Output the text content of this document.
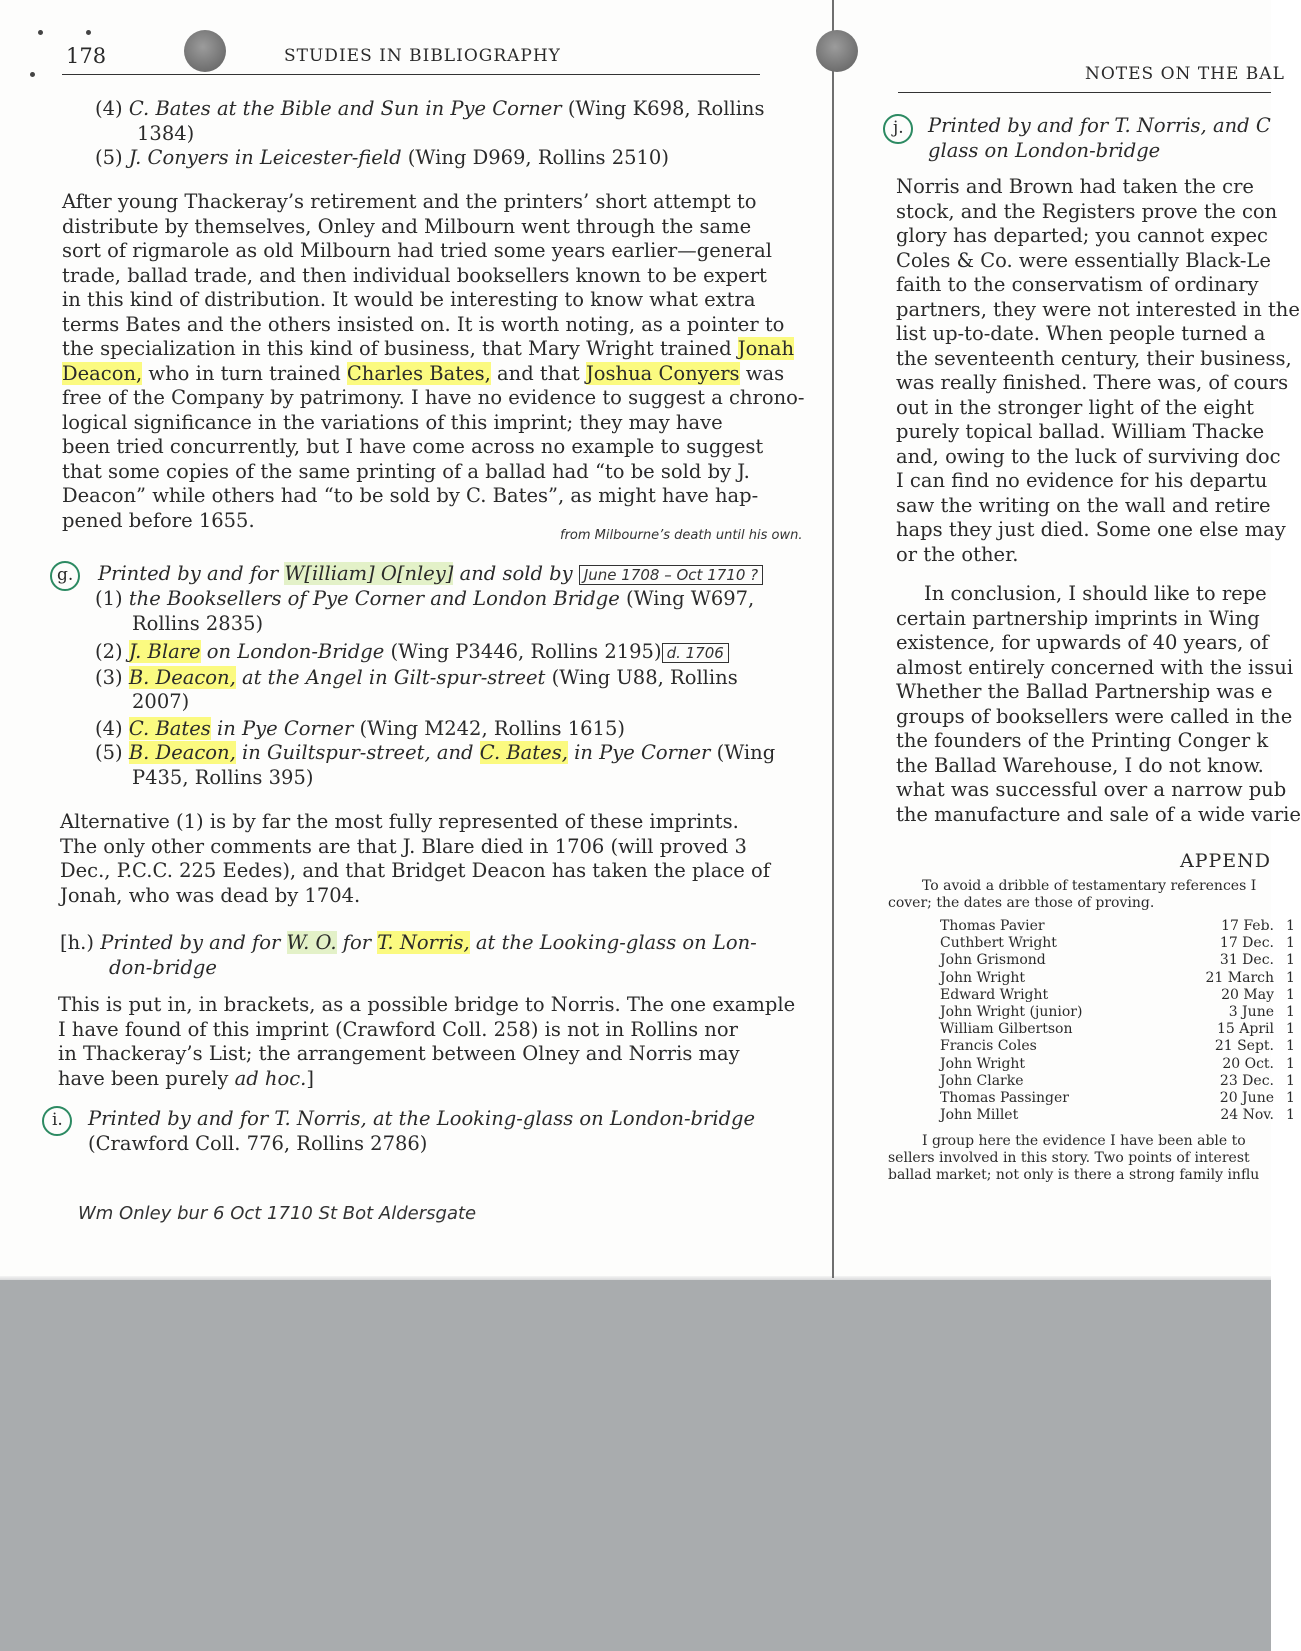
178	STUDIES IN BIBLIOGRAPHY
(4) C. Bates at the Bible and Sun in Pye Corner (Wing K698, Rollins
1384)
(5) J. Conyers in Leicester-field (Wing D969, Rollins 2510)
After young Thackeray’s retirement and the printers’ short attempt to
distribute by themselves, Onley and Milbourn went through the same
sort of rigmarole as old Milbourn had tried some years earlier—general
trade, ballad trade, and then individual booksellers known to be expert
in this kind of distribution. It would be interesting to know what extra
terms Bates and the others insisted on. It is worth noting, as a pointer to
the specialization in this kind of business, that Mary Wright trained Jonah
Deacon, who in turn trained Charles Bates, and that Joshua Conyers was
free of the Company by patrimony. I have no evidence to suggest a chrono-
logical significance in the variations of this imprint; they may have
been tried concurrently, but I have come across no example to suggest
that some copies of the same printing of a ballad had “to be sold by J.
Deacon” while others had “to be sold by C. Bates”, as might have hap-
pened before 1655.
from Milbourne’s death until his own.
g. Printed by and for W[illiam] O[nley] and sold by June 1708 – Oct 1710 ?
(1) the Booksellers of Pye Corner and London Bridge (Wing W697,
Rollins 2835)
(2) J. Blare on London-Bridge (Wing P3446, Rollins 2195) d. 1706
(3) B. Deacon, at the Angel in Gilt-spur-street (Wing U88, Rollins
2007)
(4) C. Bates in Pye Corner (Wing M242, Rollins 1615)
(5) B. Deacon, in Guiltspur-street, and C. Bates, in Pye Corner (Wing
P435, Rollins 395)
Alternative (1) is by far the most fully represented of these imprints.
The only other comments are that J. Blare died in 1706 (will proved 3
Dec., P.C.C. 225 Eedes), and that Bridget Deacon has taken the place of
Jonah, who was dead by 1704.
[h.) Printed by and for W. O. for T. Norris, at the Looking-glass on Lon-
don-bridge
This is put in, in brackets, as a possible bridge to Norris. The one example
I have found of this imprint (Crawford Coll. 258) is not in Rollins nor
in Thackeray’s List; the arrangement between Olney and Norris may
have been purely ad hoc.]
i. Printed by and for T. Norris, at the Looking-glass on London-bridge
(Crawford Coll. 776, Rollins 2786)
Wm Onley bur 6 Oct 1710 St Bot Aldersgate
NOTES ON THE BAL
j. Printed by and for T. Norris, and C
glass on London-bridge
Norris and Brown had taken the cre
stock, and the Registers prove the con
glory has departed; you cannot expec
Coles & Co. were essentially Black-Le
faith to the conservatism of ordinary
partners, they were not interested in the
list up-to-date. When people turned a
the seventeenth century, their business,
was really finished. There was, of cours
out in the stronger light of the eight
purely topical ballad. William Thacke
and, owing to the luck of surviving doc
I can find no evidence for his departu
saw the writing on the wall and retire
haps they just died. Some one else may
or the other.
In conclusion, I should like to repe
certain partnership imprints in Wing
existence, for upwards of 40 years, of
almost entirely concerned with the issui
Whether the Ballad Partnership was e
groups of booksellers were called in the
the founders of the Printing Conger k
the Ballad Warehouse, I do not know.
what was successful over a narrow pub
the manufacture and sale of a wide varie
APPEND
To avoid a dribble of testamentary references I
cover; the dates are those of proving.
Thomas Pavier	17 Feb. 1
Cuthbert Wright	17 Dec. 1
John Grismond	31 Dec. 1
John Wright	21 March 1
Edward Wright	20 May 1
John Wright (junior)	3 June 1
William Gilbertson	15 April 1
Francis Coles	21 Sept. 1
John Wright	20 Oct. 1
John Clarke	23 Dec. 1
Thomas Passinger	20 June 1
John Millet	24 Nov. 1
I group here the evidence I have been able to
sellers involved in this story. Two points of interest
ballad market; not only is there a strong family influ
